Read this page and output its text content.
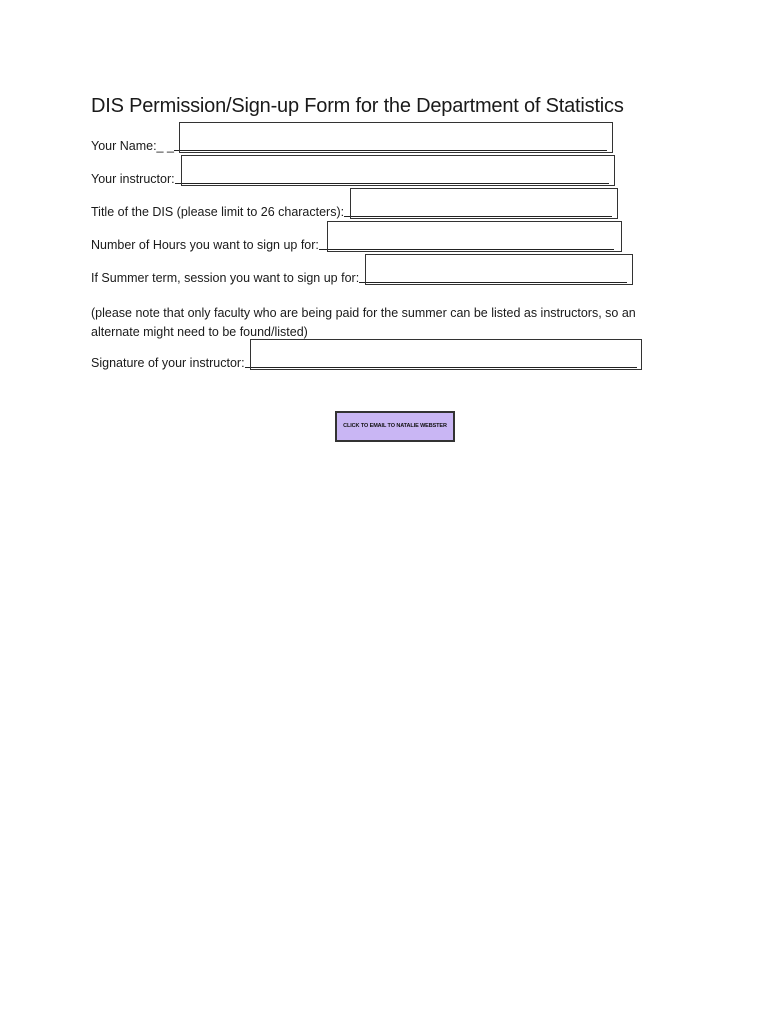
DIS Permission/Sign-up Form for the Department of Statistics
Your Name:_ _
Your instructor:
Title of the DIS (please limit to 26 characters):
Number of Hours you want to sign up for:
If Summer term, session you want to sign up for:
(please note that only faculty who are being paid for the summer can be listed as instructors, so an alternate might need to be found/listed)
Signature of your instructor:
CLICK TO EMAIL TO NATALIE WEBSTER
